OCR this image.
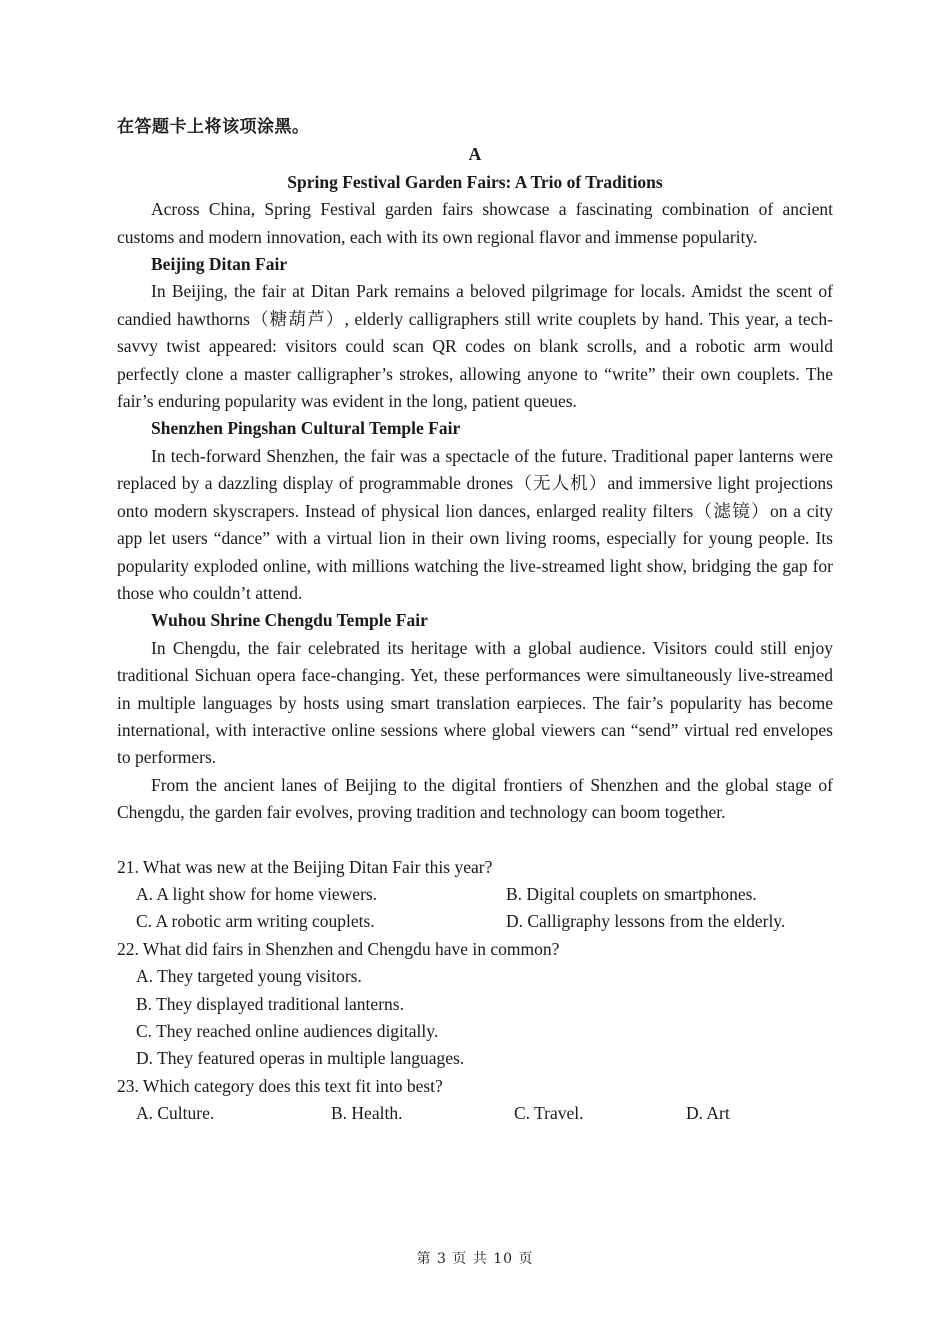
在答题卡上将该项涂黑。

A

Spring Festival Garden Fairs: A Trio of Traditions

Across China, Spring Festival garden fairs showcase a fascinating combination of ancient customs and modern innovation, each with its own regional flavor and immense popularity.

Beijing Ditan Fair

In Beijing, the fair at Ditan Park remains a beloved pilgrimage for locals. Amidst the scent of candied hawthorns（糖葫芦）, elderly calligraphers still write couplets by hand. This year, a tech-savvy twist appeared: visitors could scan QR codes on blank scrolls, and a robotic arm would perfectly clone a master calligrapher’s strokes, allowing anyone to “write” their own couplets. The fair’s enduring popularity was evident in the long, patient queues.

Shenzhen Pingshan Cultural Temple Fair

In tech-forward Shenzhen, the fair was a spectacle of the future. Traditional paper lanterns were replaced by a dazzling display of programmable drones（无人机）and immersive light projections onto modern skyscrapers. Instead of physical lion dances, enlarged reality filters（滤镜）on a city app let users “dance” with a virtual lion in their own living rooms, especially for young people. Its popularity exploded online, with millions watching the live-streamed light show, bridging the gap for those who couldn’t attend.

Wuhou Shrine Chengdu Temple Fair

In Chengdu, the fair celebrated its heritage with a global audience. Visitors could still enjoy traditional Sichuan opera face-changing. Yet, these performances were simultaneously live-streamed in multiple languages by hosts using smart translation earpieces. The fair’s popularity has become international, with interactive online sessions where global viewers can “send” virtual red envelopes to performers.

From the ancient lanes of Beijing to the digital frontiers of Shenzhen and the global stage of Chengdu, the garden fair evolves, proving tradition and technology can boom together.

21. What was new at the Beijing Ditan Fair this year?

A. A light show for home viewers.	B. Digital couplets on smartphones.
C. A robotic arm writing couplets.	D. Calligraphy lessons from the elderly.

22. What did fairs in Shenzhen and Chengdu have in common?

A. They targeted young visitors.
B. They displayed traditional lanterns.
C. They reached online audiences digitally.
D. They featured operas in multiple languages.

23. Which category does this text fit into best?

A. Culture.	B. Health.	C. Travel.	D. Art
第 3 页 共 10 页
